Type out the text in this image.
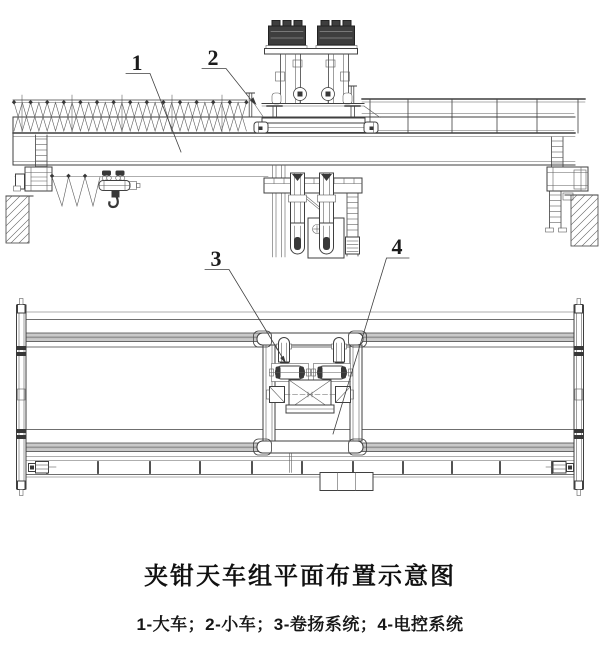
1	2
3	4
夹钳天车组平面布置示意图
1-大车；2-小车；3-卷扬系统；4-电控系统
